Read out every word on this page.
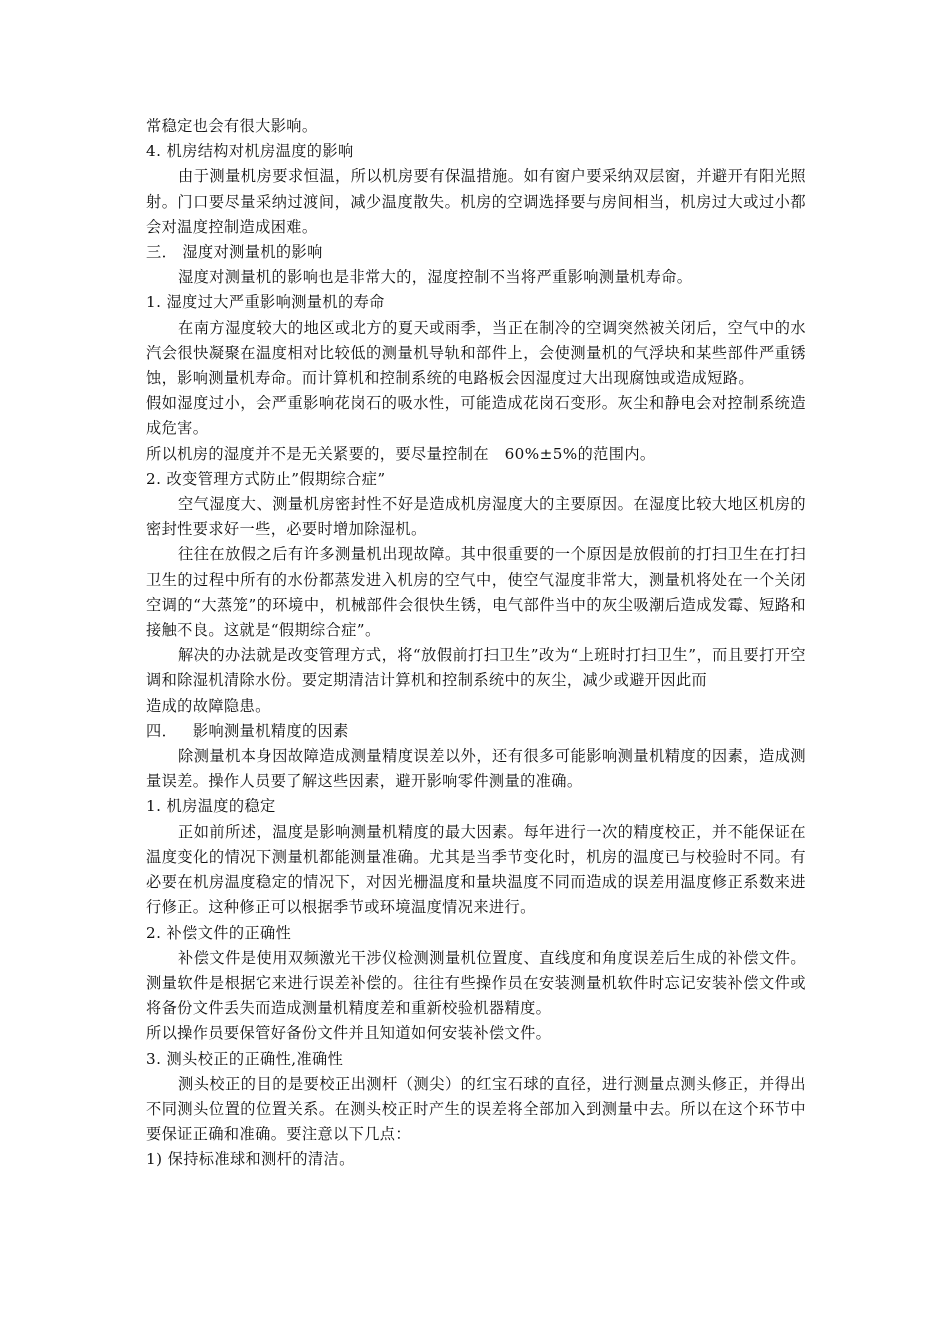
常稳定也会有很大影响。

4. 机房结构对机房温度的影响

由于测量机房要求恒温，所以机房要有保温措施。如有窗户要采纳双层窗，并避开有阳光照射。门口要尽量采纳过渡间，减少温度散失。机房的空调选择要与房间相当，机房过大或过小都会对温度控制造成困难。

三． 湿度对测量机的影响

湿度对测量机的影响也是非常大的，湿度控制不当将严重影响测量机寿命。

1. 湿度过大严重影响测量机的寿命

在南方湿度较大的地区或北方的夏天或雨季，当正在制冷的空调突然被关闭后，空气中的水汽会很快凝聚在温度相对比较低的测量机导轨和部件上，会使测量机的气浮块和某些部件严重锈蚀，影响测量机寿命。而计算机和控制系统的电路板会因湿度过大出现腐蚀或造成短路。

假如湿度过小，会严重影响花岗石的吸水性，可能造成花岗石变形。灰尘和静电会对控制系统造成危害。

所以机房的湿度并不是无关紧要的，要尽量控制在   60%±5%的范围内。

2. 改变管理方式防止”假期综合症”

空气湿度大、测量机房密封性不好是造成机房湿度大的主要原因。在湿度比较大地区机房的密封性要求好一些，必要时增加除湿机。

往往在放假之后有许多测量机出现故障。其中很重要的一个原因是放假前的打扫卫生在打扫卫生的过程中所有的水份都蒸发进入机房的空气中，使空气湿度非常大，测量机将处在一个关闭空调的“大蒸笼”的环境中，机械部件会很快生锈，电气部件当中的灰尘吸潮后造成发霉、短路和接触不良。这就是“假期综合症”。

解决的办法就是改变管理方式，将“放假前打扫卫生”改为“上班时打扫卫生”，而且要打开空调和除湿机清除水份。要定期清洁计算机和控制系统中的灰尘，减少或避开因此而

造成的故障隐患。

四．   影响测量机精度的因素

除测量机本身因故障造成测量精度误差以外，还有很多可能影响测量机精度的因素，造成测量误差。操作人员要了解这些因素，避开影响零件测量的准确。

1. 机房温度的稳定

正如前所述，温度是影响测量机精度的最大因素。每年进行一次的精度校正，并不能保证在温度变化的情况下测量机都能测量准确。尤其是当季节变化时，机房的温度已与校验时不同。有必要在机房温度稳定的情况下，对因光栅温度和量块温度不同而造成的误差用温度修正系数来进行修正。这种修正可以根据季节或环境温度情况来进行。

2. 补偿文件的正确性

补偿文件是使用双频激光干涉仪检测测量机位置度、直线度和角度误差后生成的补偿文件。测量软件是根据它来进行误差补偿的。往往有些操作员在安装测量机软件时忘记安装补偿文件或将备份文件丢失而造成测量机精度差和重新校验机器精度。

所以操作员要保管好备份文件并且知道如何安装补偿文件。

3. 测头校正的正确性,准确性

测头校正的目的是要校正出测杆（测尖）的红宝石球的直径，进行测量点测头修正，并得出不同测头位置的位置关系。在测头校正时产生的误差将全部加入到测量中去。所以在这个环节中要保证正确和准确。要注意以下几点：

1) 保持标准球和测杆的清洁。
